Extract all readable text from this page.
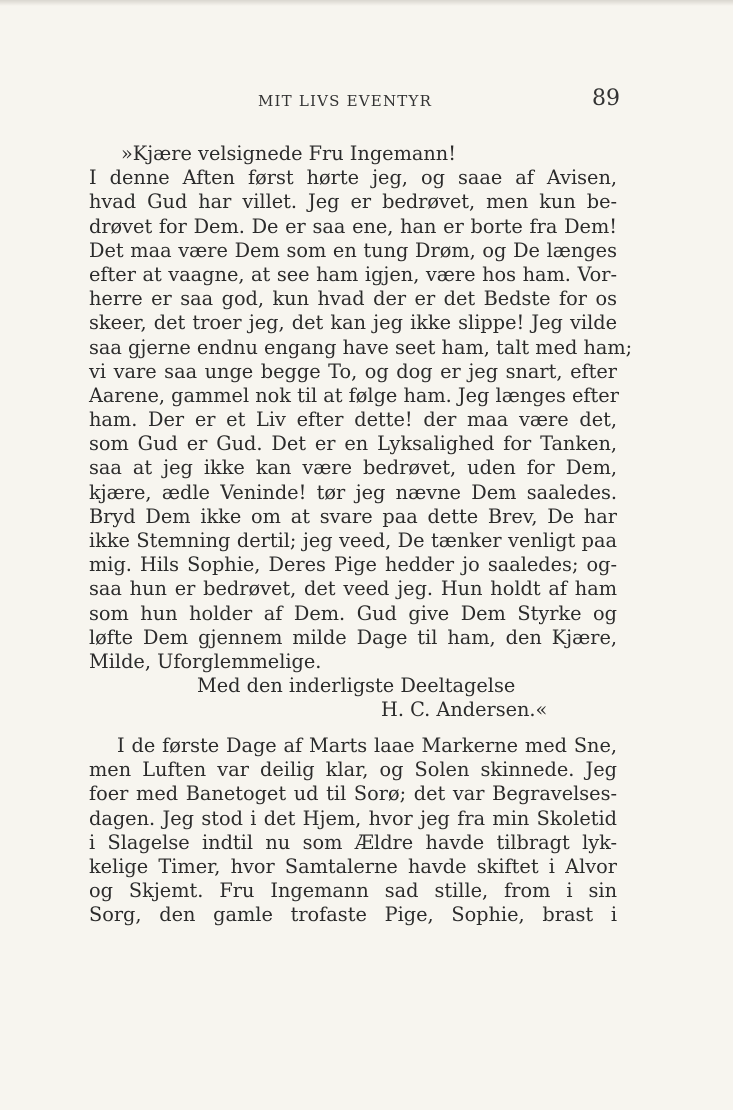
MIT LIVS EVENTYR	89
»Kjære velsignede Fru Ingemann!
I denne Aften først hørte jeg, og saae af Avisen,
hvad Gud har villet. Jeg er bedrøvet, men kun be-
drøvet for Dem. De er saa ene, han er borte fra Dem!
Det maa være Dem som en tung Drøm, og De længes
efter at vaagne, at see ham igjen, være hos ham. Vor-
herre er saa god, kun hvad der er det Bedste for os
skeer, det troer jeg, det kan jeg ikke slippe! Jeg vilde
saa gjerne endnu engang have seet ham, talt med ham;
vi vare saa unge begge To, og dog er jeg snart, efter
Aarene, gammel nok til at følge ham. Jeg længes efter
ham. Der er et Liv efter dette! der maa være det,
som Gud er Gud. Det er en Lyksalighed for Tanken,
saa at jeg ikke kan være bedrøvet, uden for Dem,
kjære, ædle Veninde! tør jeg nævne Dem saaledes.
Bryd Dem ikke om at svare paa dette Brev, De har
ikke Stemning dertil; jeg veed, De tænker venligt paa
mig. Hils Sophie, Deres Pige hedder jo saaledes; og-
saa hun er bedrøvet, det veed jeg. Hun holdt af ham
som hun holder af Dem. Gud give Dem Styrke og
løfte Dem gjennem milde Dage til ham, den Kjære,
Milde, Uforglemmelige.
Med den inderligste Deeltagelse
H. C. Andersen.«
I de første Dage af Marts laae Markerne med Sne,
men Luften var deilig klar, og Solen skinnede. Jeg
foer med Banetoget ud til Sorø; det var Begravelses-
dagen. Jeg stod i det Hjem, hvor jeg fra min Skoletid
i Slagelse indtil nu som Ældre havde tilbragt lyk-
kelige Timer, hvor Samtalerne havde skiftet i Alvor
og Skjemt. Fru Ingemann sad stille, from i sin
Sorg, den gamle trofaste Pige, Sophie, brast i
